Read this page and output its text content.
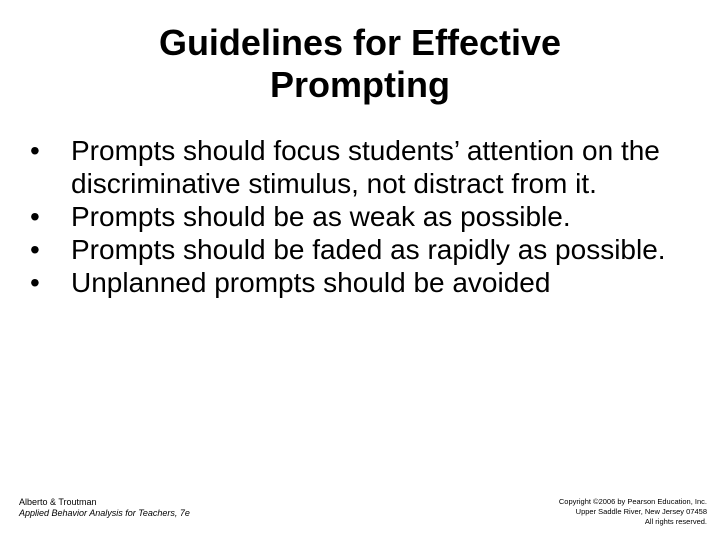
Guidelines for Effective
Prompting
•	Prompts should focus students’ attention on the discriminative stimulus, not distract from it.
•	Prompts should be as weak as possible.
•	Prompts should be faded as rapidly as possible.
•	Unplanned prompts should be avoided
Alberto & Troutman
Applied Behavior Analysis for Teachers, 7e
Copyright ©2006 by Pearson Education, Inc.
Upper Saddle River, New Jersey 07458
All rights reserved.
